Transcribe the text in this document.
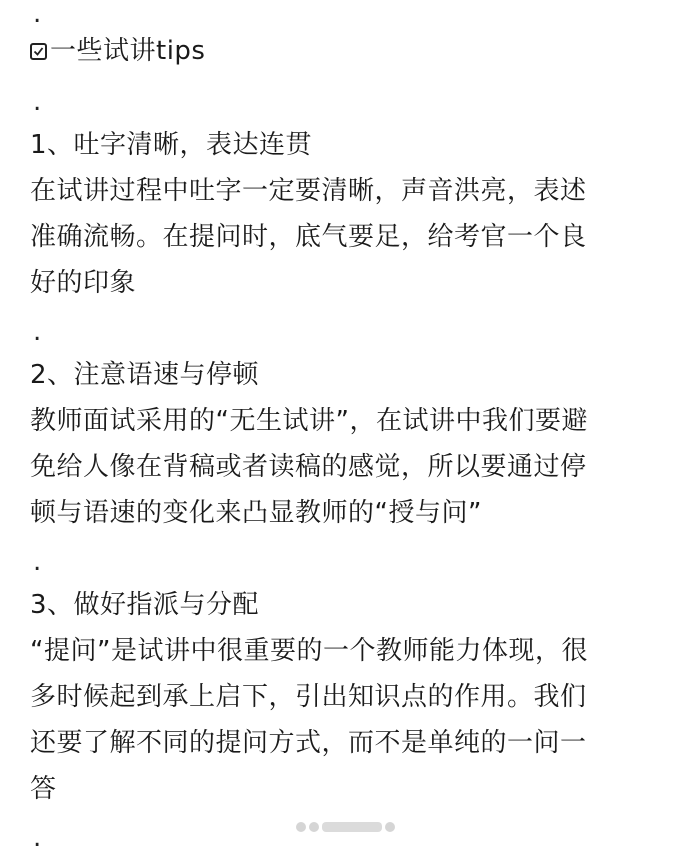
.
一些试讲tips
.
1、吐字清晰，表达连贯
在试讲过程中吐字一定要清晰，声音洪亮，表述
准确流畅。在提问时，底气要足，给考官一个良
好的印象
.
2、注意语速与停顿
教师面试采用的“无生试讲”，在试讲中我们要避
免给人像在背稿或者读稿的感觉，所以要通过停
顿与语速的变化来凸显教师的“授与问”
.
3、做好指派与分配
“提问”是试讲中很重要的一个教师能力体现，很
多时候起到承上启下，引出知识点的作用。我们
还要了解不同的提问方式，而不是单纯的一问一
答
.
